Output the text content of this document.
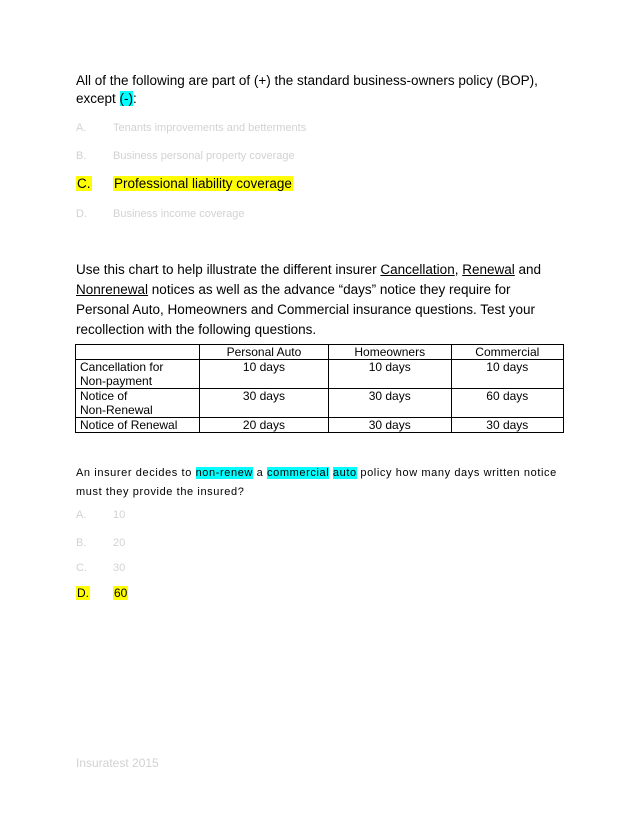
All of the following are part of (+) the standard business-owners policy (BOP), except (-):
A. Tenants improvements and betterments
B. Business personal property coverage
C. Professional liability coverage
D. Business income coverage
Use this chart to help illustrate the different insurer Cancellation, Renewal and Nonrenewal notices as well as the advance “days” notice they require for Personal Auto, Homeowners and Commercial insurance questions. Test your recollection with the following questions.
	Personal Auto	Homeowners	Commercial
Cancellation for
Non-payment	10 days	10 days	10 days
Notice of
Non-Renewal	30 days	30 days	60 days
Notice of Renewal	20 days	30 days	30 days
An insurer decides to non-renew a commercial auto policy how many days written notice must they provide the insured?
A. 10
B. 20
C. 30
D. 60
Insuratest 2015
